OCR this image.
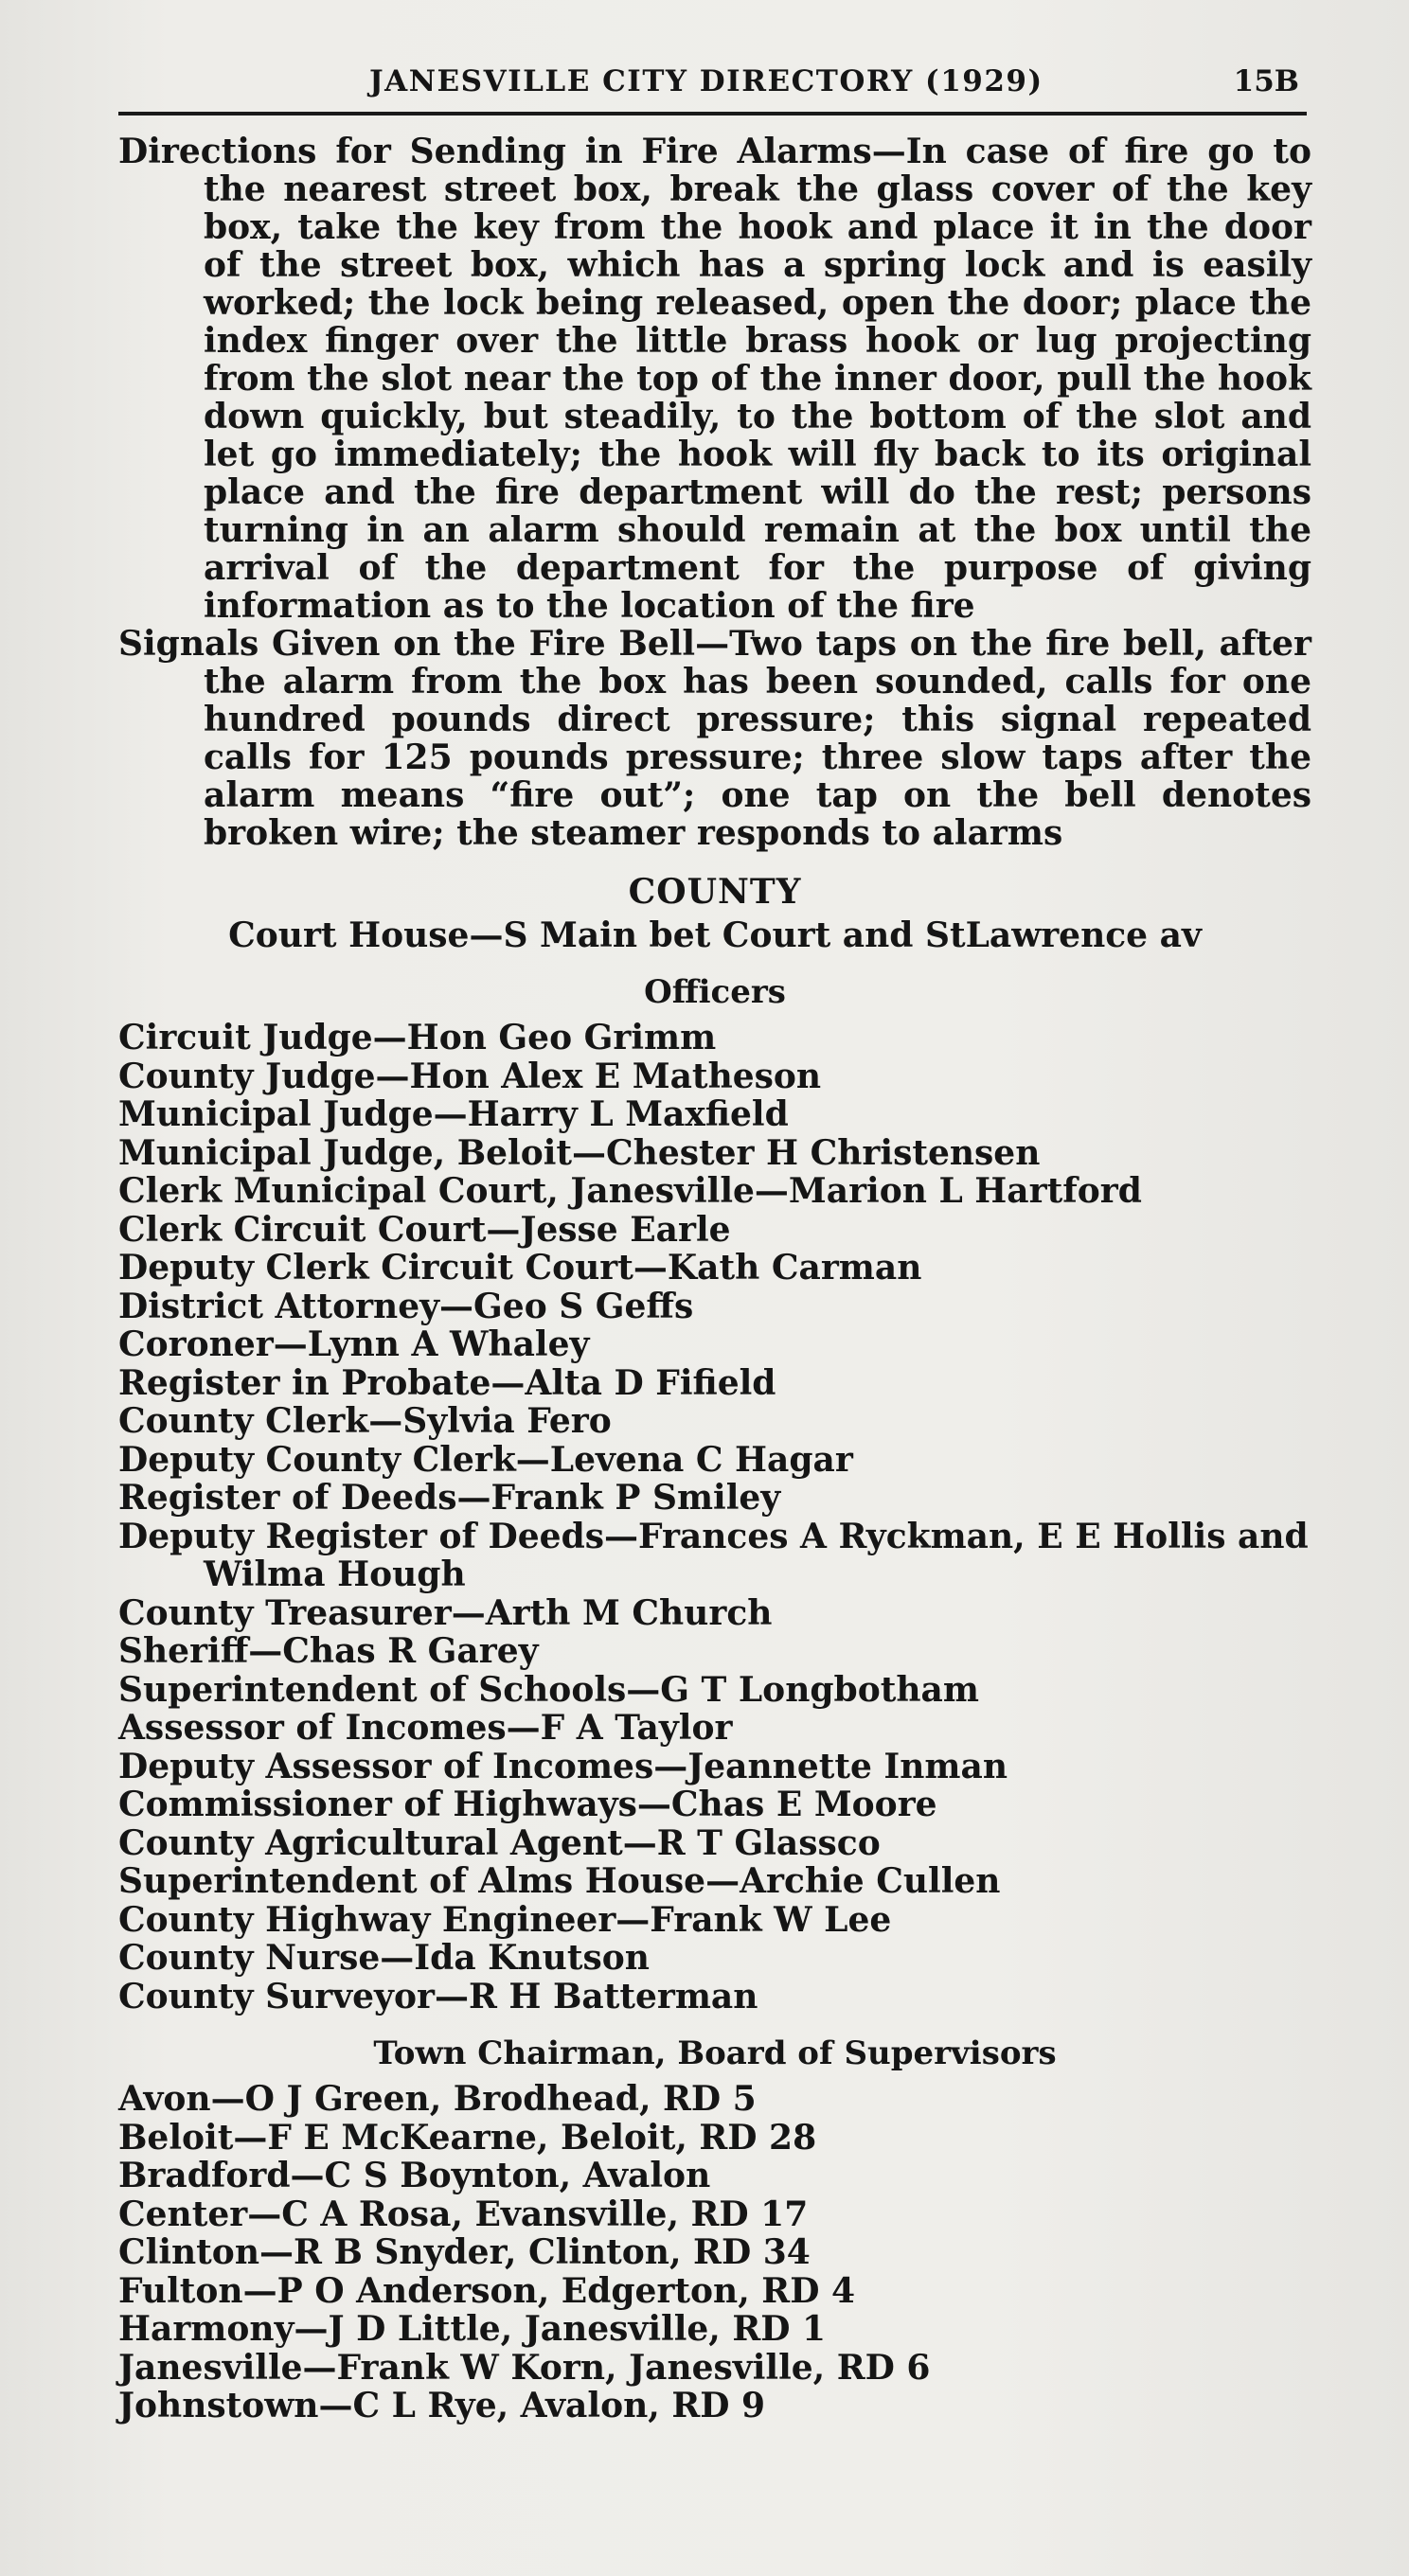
JANESVILLE CITY DIRECTORY (1929)	15B

Directions for Sending in Fire Alarms—In case of fire go to the nearest street box, break the glass cover of the key box, take the key from the hook and place it in the door of the street box, which has a spring lock and is easily worked; the lock being released, open the door; place the index finger over the little brass hook or lug projecting from the slot near the top of the inner door, pull the hook down quickly, but steadily, to the bottom of the slot and let go immediately; the hook will fly back to its original place and the fire department will do the rest; persons turning in an alarm should remain at the box until the arrival of the department for the purpose of giving information as to the location of the fire

Signals Given on the Fire Bell—Two taps on the fire bell, after the alarm from the box has been sounded, calls for one hundred pounds direct pressure; this signal repeated calls for 125 pounds pressure; three slow taps after the alarm means “fire out”; one tap on the bell denotes broken wire; the steamer responds to alarms

COUNTY
Court House—S Main bet Court and StLawrence av
Officers
Circuit Judge—Hon Geo Grimm
County Judge—Hon Alex E Matheson
Municipal Judge—Harry L Maxfield
Municipal Judge, Beloit—Chester H Christensen
Clerk Municipal Court, Janesville—Marion L Hartford
Clerk Circuit Court—Jesse Earle
Deputy Clerk Circuit Court—Kath Carman
District Attorney—Geo S Geffs
Coroner—Lynn A Whaley
Register in Probate—Alta D Fifield
County Clerk—Sylvia Fero
Deputy County Clerk—Levena C Hagar
Register of Deeds—Frank P Smiley
Deputy Register of Deeds—Frances A Ryckman, E E Hollis and Wilma Hough
County Treasurer—Arth M Church
Sheriff—Chas R Garey
Superintendent of Schools—G T Longbotham
Assessor of Incomes—F A Taylor
Deputy Assessor of Incomes—Jeannette Inman
Commissioner of Highways—Chas E Moore
County Agricultural Agent—R T Glassco
Superintendent of Alms House—Archie Cullen
County Highway Engineer—Frank W Lee
County Nurse—Ida Knutson
County Surveyor—R H Batterman
Town Chairman, Board of Supervisors
Avon—O J Green, Brodhead, RD 5
Beloit—F E McKearne, Beloit, RD 28
Bradford—C S Boynton, Avalon
Center—C A Rosa, Evansville, RD 17
Clinton—R B Snyder, Clinton, RD 34
Fulton—P O Anderson, Edgerton, RD 4
Harmony—J D Little, Janesville, RD 1
Janesville—Frank W Korn, Janesville, RD 6
Johnstown—C L Rye, Avalon, RD 9
